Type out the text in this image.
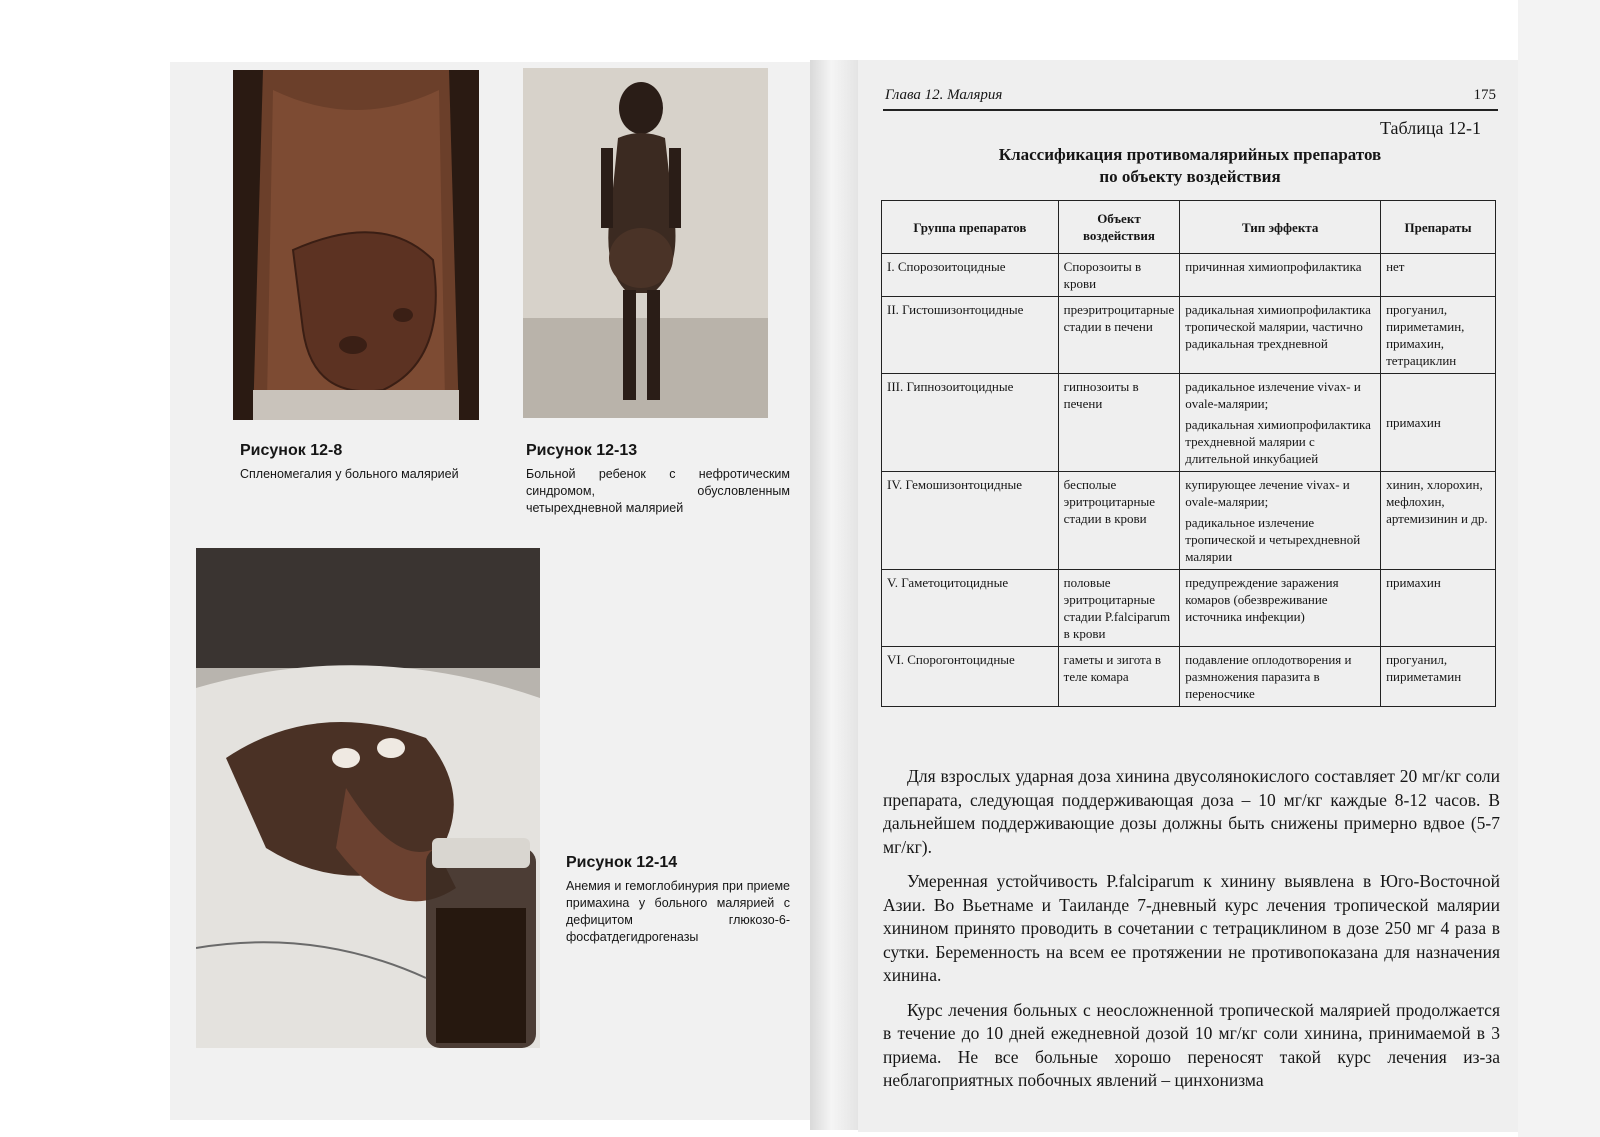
Рисунок 12-8
Спленомегалия у больного малярией
Рисунок 12-13
Больной ребенок с нефротическим синдромом, обусловленным четырехдневной малярией
Рисунок 12-14
Анемия и гемоглобинурия при приеме примахина у больного малярией с дефицитом глюкозо-6-фосфатдегидрогеназы
Глава 12. Малярия	175
Таблица 12-1
Классификация противомалярийных препаратов
по объекту воздействия
Группа препаратов	Объект воздействия	Тип эффекта	Препараты
I. Спорозоитоцидные	Спорозоиты в крови	причинная химиопрофилактика	нет
II. Гистошизонтоцидные	преэритроцитарные стадии в печени	радикальная химиопрофилактика тропической малярии, частично радикальная трехдневной	прогуанил, пириметамин, примахин, тетрациклин
III. Гипнозоитоцидные	гипнозоиты в печени	радикальное излечение vivax- и ovale-малярии;

радикальная химиопрофилактика трехдневной малярии с длительной инкубацией	примахин
IV. Гемошизонтоцидные	бесполые эритроцитарные стадии в крови	купирующее лечение vivax- и ovale-малярии;

радикальное излечение тропической и четырехдневной малярии	хинин, хлорохин, мефлохин, артемизинин и др.
V. Гаметоцитоцидные	половые эритроцитарные стадии P.falciparum в крови	предупреждение заражения комаров (обезвреживание источника инфекции)	примахин
VI. Спорогонтоцидные	гаметы и зигота в теле комара	подавление оплодотворения и размножения паразита в переносчике	прогуанил, пириметамин

Для взрослых ударная доза хинина двусолянокислого составляет 20 мг/кг соли препарата, следующая поддерживающая доза – 10 мг/кг каждые 8-12 часов. В дальнейшем поддерживающие дозы должны быть снижены примерно вдвое (5-7 мг/кг).

Умеренная устойчивость P.falciparum к хинину выявлена в Юго-Восточной Азии. Во Вьетнаме и Таиланде 7-дневный курс лечения тропической малярии хинином принято проводить в сочетании с тетрациклином в дозе 250 мг 4 раза в сутки. Беременность на всем ее протяжении не противопоказана для назначения хинина.

Курс лечения больных с неосложненной тропической малярией продолжается в течение до 10 дней ежедневной дозой 10 мг/кг соли хинина, принимаемой в 3 приема. Не все больные хорошо переносят такой курс лечения из-за неблагоприятных побочных явлений – цинхонизма
